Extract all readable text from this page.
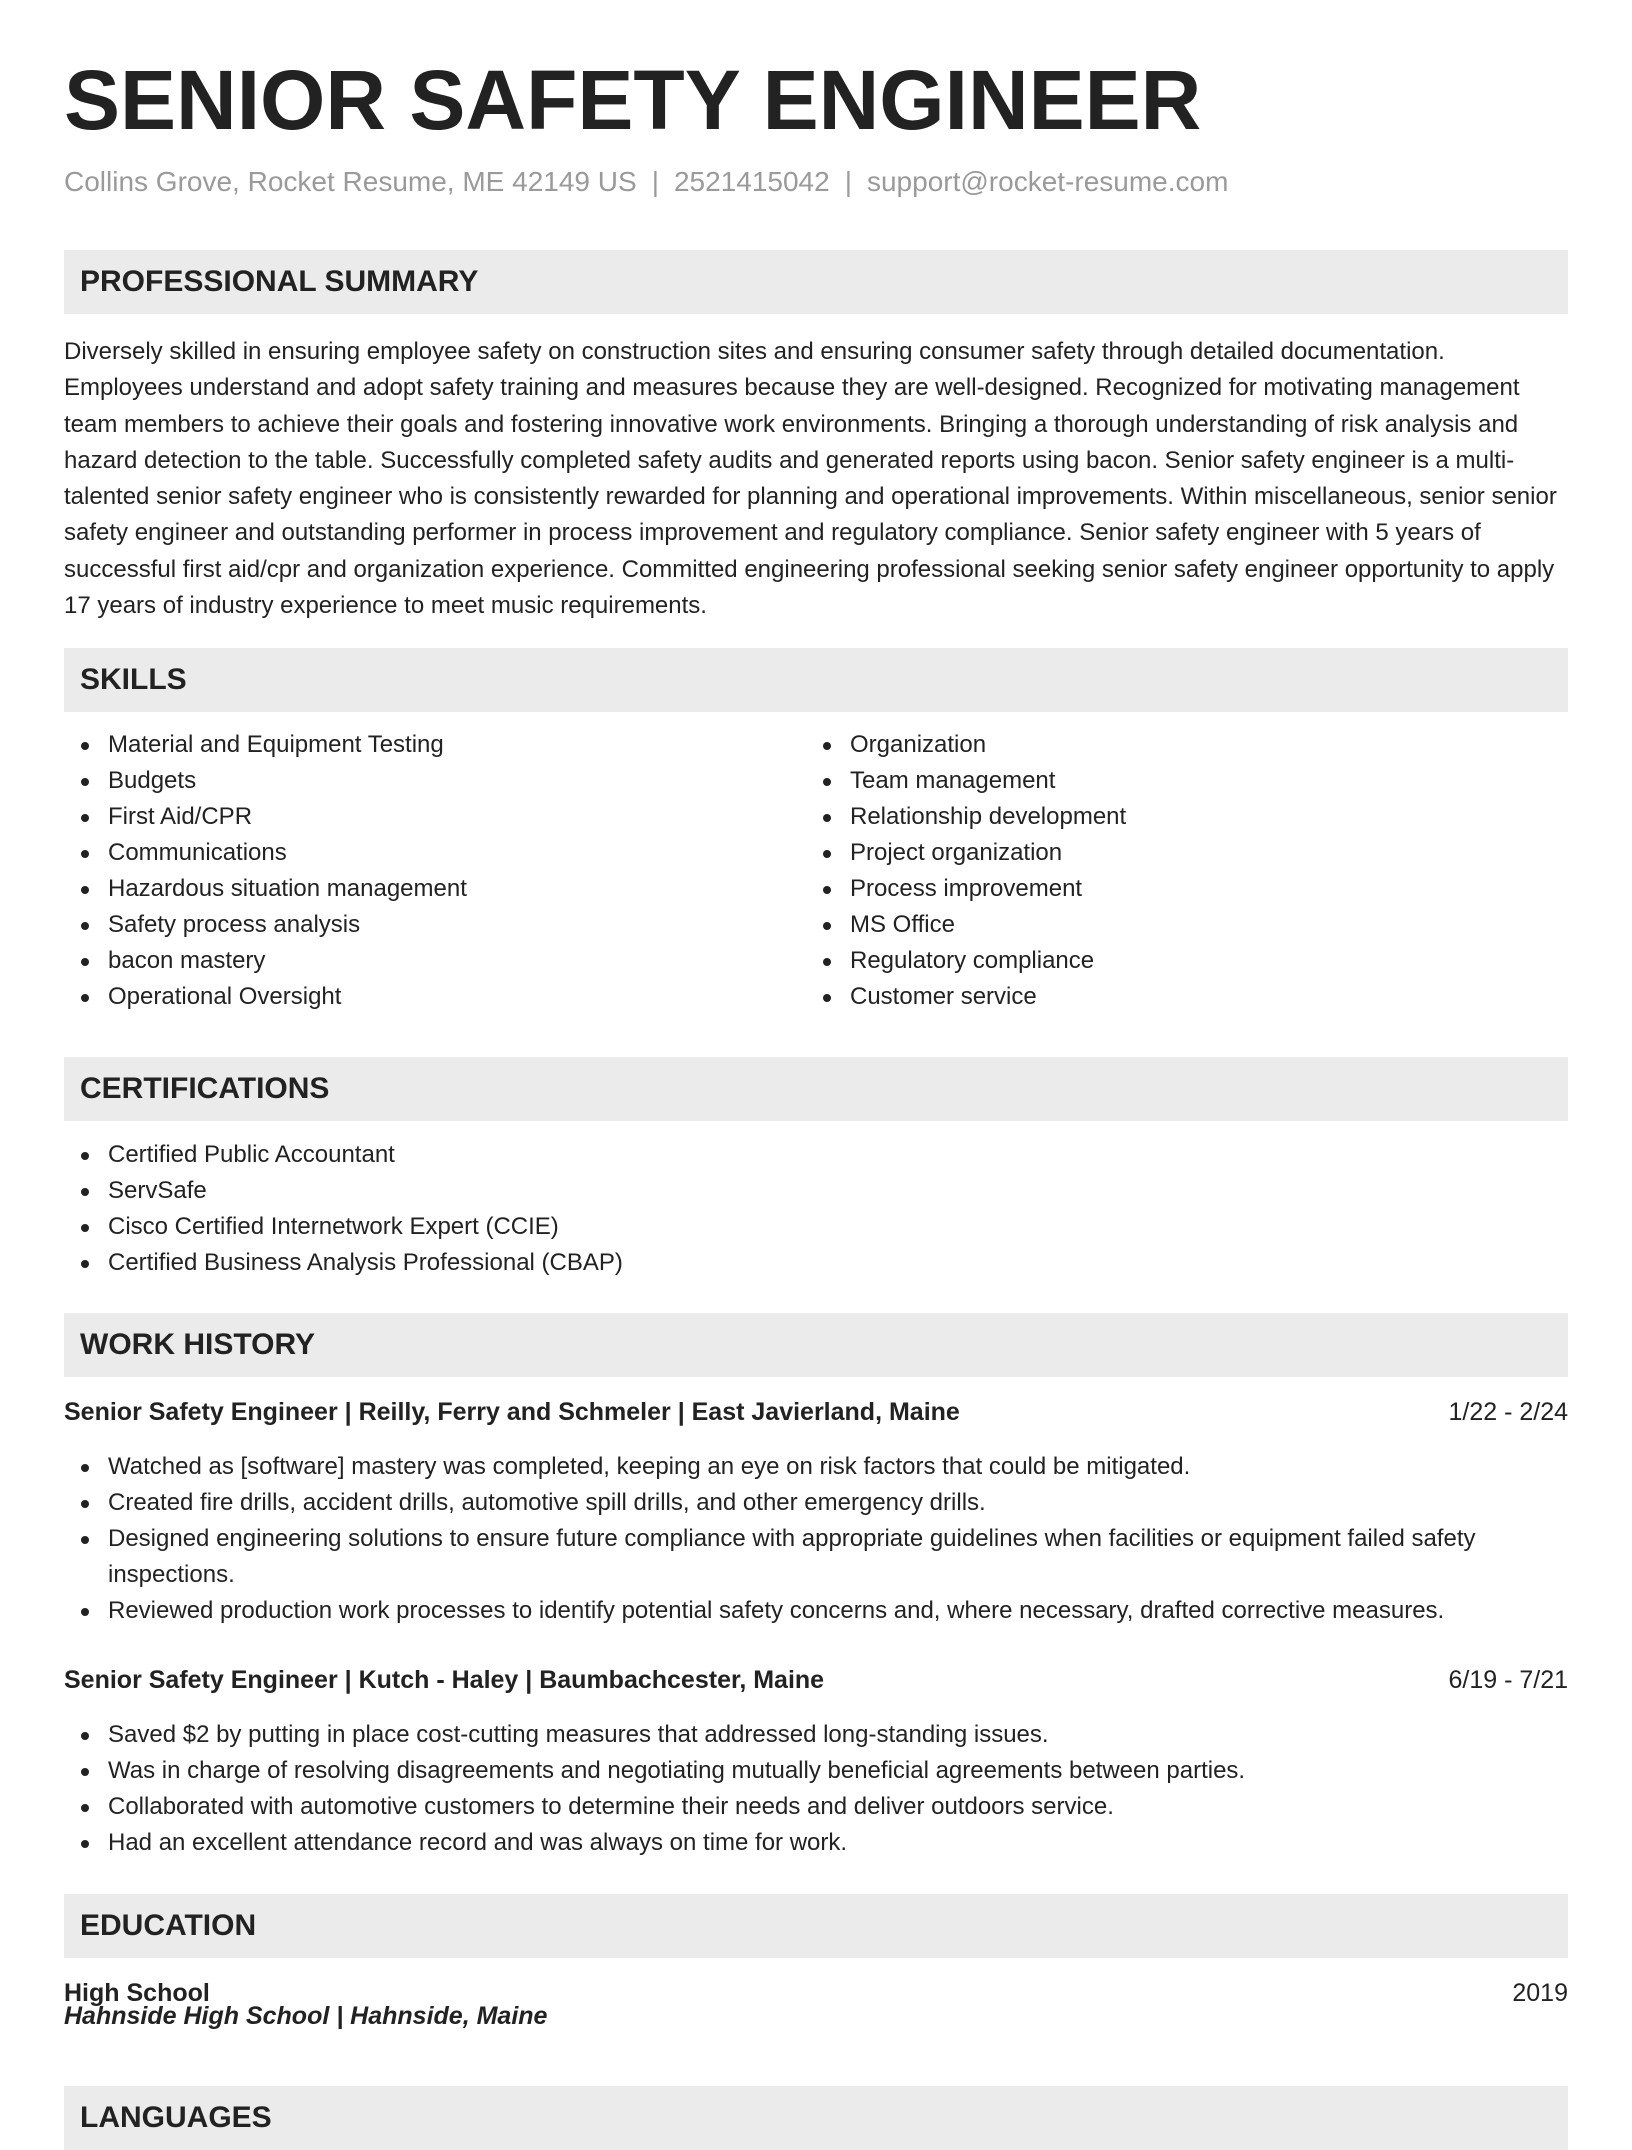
SENIOR SAFETY ENGINEER
Collins Grove, Rocket Resume, ME 42149 US | 2521415042 | support@rocket-resume.com
PROFESSIONAL SUMMARY

Diversely skilled in ensuring employee safety on construction sites and ensuring consumer safety through detailed documentation. Employees understand and adopt safety training and measures because they are well-designed. Recognized for motivating management team members to achieve their goals and fostering innovative work environments. Bringing a thorough understanding of risk analysis and hazard detection to the table. Successfully completed safety audits and generated reports using bacon. Senior safety engineer is a multi-talented senior safety engineer who is consistently rewarded for planning and operational improvements. Within miscellaneous, senior senior safety engineer and outstanding performer in process improvement and regulatory compliance. Senior safety engineer with 5 years of successful first aid/cpr and organization experience. Committed engineering professional seeking senior safety engineer opportunity to apply 17 years of industry experience to meet music requirements.

SKILLS
Material and Equipment Testing
Budgets
First Aid/CPR
Communications
Hazardous situation management
Safety process analysis
bacon mastery
Operational Oversight
Organization
Team management
Relationship development
Project organization
Process improvement
MS Office
Regulatory compliance
Customer service
CERTIFICATIONS
Certified Public Accountant
ServSafe
Cisco Certified Internetwork Expert (CCIE)
Certified Business Analysis Professional (CBAP)
WORK HISTORY
Senior Safety Engineer | Reilly, Ferry and Schmeler | East Javierland, Maine	1/22 - 2/24
Watched as [software] mastery was completed, keeping an eye on risk factors that could be mitigated.
Created fire drills, accident drills, automotive spill drills, and other emergency drills.
Designed engineering solutions to ensure future compliance with appropriate guidelines when facilities or equipment failed safety inspections.
Reviewed production work processes to identify potential safety concerns and, where necessary, drafted corrective measures.
Senior Safety Engineer | Kutch - Haley | Baumbachcester, Maine	6/19 - 7/21
Saved $2 by putting in place cost-cutting measures that addressed long-standing issues.
Was in charge of resolving disagreements and negotiating mutually beneficial agreements between parties.
Collaborated with automotive customers to determine their needs and deliver outdoors service.
Had an excellent attendance record and was always on time for work.
EDUCATION
High School	2019
Hahnside High School | Hahnside, Maine
LANGUAGES
